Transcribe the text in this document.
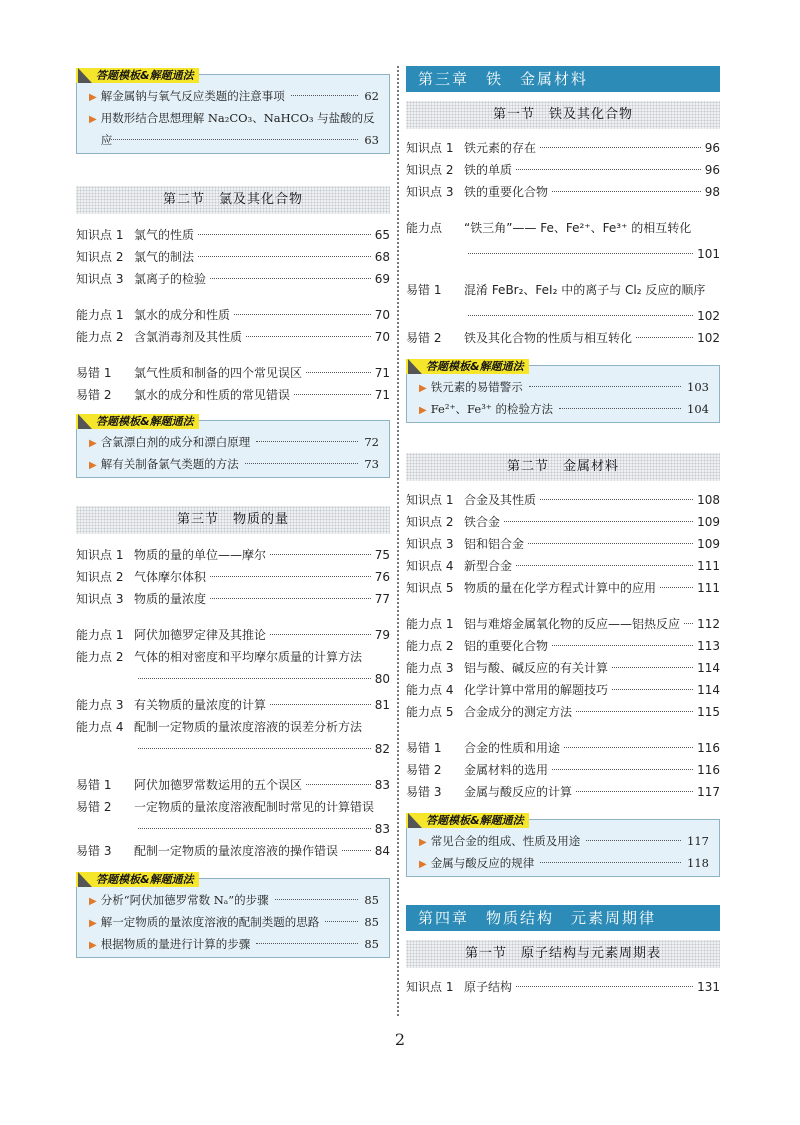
答题模板&解题通法
▶ 解金属钠与氧气反应类题的注意事项	62
▶ 用数形结合思想理解 Na₂CO₃、NaHCO₃ 与盐酸的反应	63
第二节　氯及其化合物
知识点 1 氯气的性质	65
知识点 2 氯气的制法	68
知识点 3 氯离子的检验	69
能力点 1 氯水的成分和性质	70
能力点 2 含氯消毒剂及其性质	70
易错 1	氯气性质和制备的四个常见误区	71
易错 2	氯水的成分和性质的常见错误	71
答题模板&解题通法
▶ 含氯漂白剂的成分和漂白原理	72
▶ 解有关制备氯气类题的方法	73
第三节　物质的量
知识点 1 物质的量的单位——摩尔	75
知识点 2 气体摩尔体积	76
知识点 3 物质的量浓度	77
能力点 1 阿伏加德罗定律及其推论	79
能力点 2 气体的相对密度和平均摩尔质量的计算方法
80
能力点 3 有关物质的量浓度的计算	81
能力点 4 配制一定物质的量浓度溶液的误差分析方法
82
易错 1	阿伏加德罗常数运用的五个误区	83
易错 2	一定物质的量浓度溶液配制时常见的计算错误
83
易错 3	配制一定物质的量浓度溶液的操作错误	84
答题模板&解题通法
▶ 分析“阿伏加德罗常数 Nₐ”的步骤	85
▶ 解一定物质的量浓度溶液的配制类题的思路	85
▶ 根据物质的量进行计算的步骤	85
第三章　铁　金属材料
第一节　铁及其化合物
知识点 1 铁元素的存在	96
知识点 2 铁的单质	96
知识点 3 铁的重要化合物	98
能力点	“铁三角”—— Fe、Fe²⁺、Fe³⁺ 的相互转化
101
易错 1	混淆 FeBr₂、FeI₂ 中的离子与 Cl₂ 反应的顺序
102
易错 2	铁及其化合物的性质与相互转化	102
答题模板&解题通法
▶ 铁元素的易错警示	103
▶ Fe²⁺、Fe³⁺ 的检验方法	104
第二节　金属材料
知识点 1 合金及其性质	108
知识点 2 铁合金	109
知识点 3 铝和铝合金	109
知识点 4 新型合金	111
知识点 5 物质的量在化学方程式计算中的应用	111
能力点 1 铝与难熔金属氧化物的反应——铝热反应 112
能力点 2 铝的重要化合物	113
能力点 3 铝与酸、碱反应的有关计算	114
能力点 4 化学计算中常用的解题技巧	114
能力点 5 合金成分的测定方法	115
易错 1	合金的性质和用途	116
易错 2	金属材料的选用	116
易错 3	金属与酸反应的计算	117
答题模板&解题通法
▶ 常见合金的组成、性质及用途	117
▶ 金属与酸反应的规律	118
第四章　物质结构　元素周期律
第一节　原子结构与元素周期表
知识点 1 原子结构	131
2
